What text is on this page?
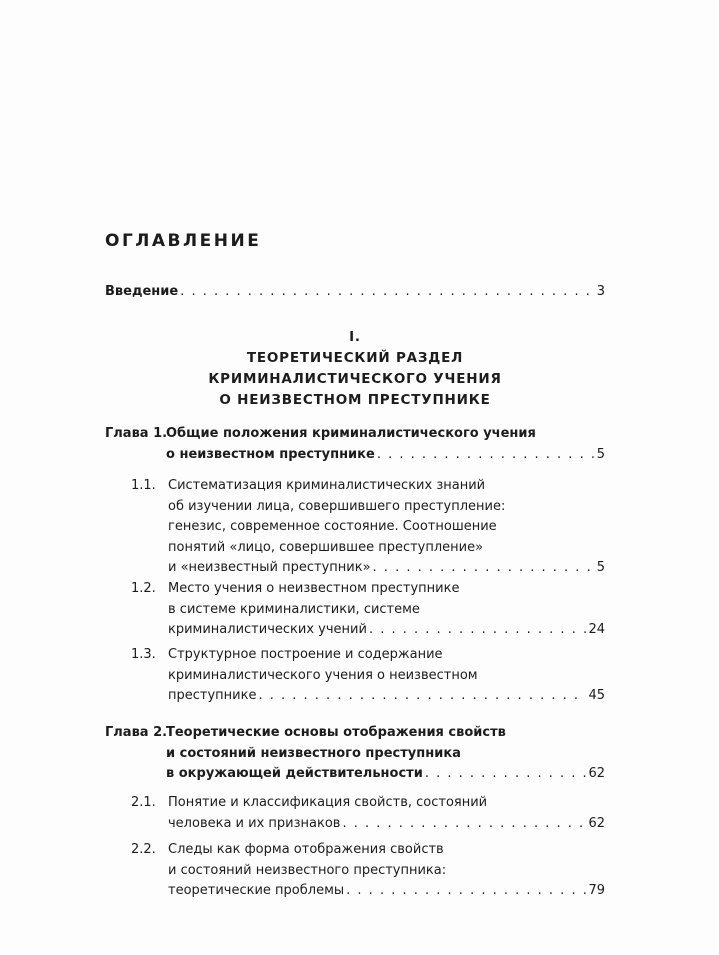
ОГЛАВЛЕНИЕ
Введение . . .	3
I.
ТЕОРЕТИЧЕСКИЙ РАЗДЕЛ
КРИМИНАЛИСТИЧЕСКОГО УЧЕНИЯ
О НЕИЗВЕСТНОМ ПРЕСТУПНИКЕ
Глава 1.
Общие положения криминалистического учения
о неизвестном преступнике . . .	5
1.1. Систематизация криминалистических знаний
об изучении лица, совершившего преступление:
генезис, современное состояние. Соотношение
понятий «лицо, совершившее преступление»
и «неизвестный преступник» . . .	5
1.2. Место учения о неизвестном преступнике
в системе криминалистики, системе
криминалистических учений . . .	24
1.3. Структурное построение и содержание
криминалистического учения о неизвестном
преступнике . . .	45
Глава 2.
Теоретические основы отображения свойств
и состояний неизвестного преступника
в окружающей действительности . . .	62
2.1. Понятие и классификация свойств, состояний
человека и их признаков . . .	62
2.2. Следы как форма отображения свойств
и состояний неизвестного преступника:
теоретические проблемы . . .	79
